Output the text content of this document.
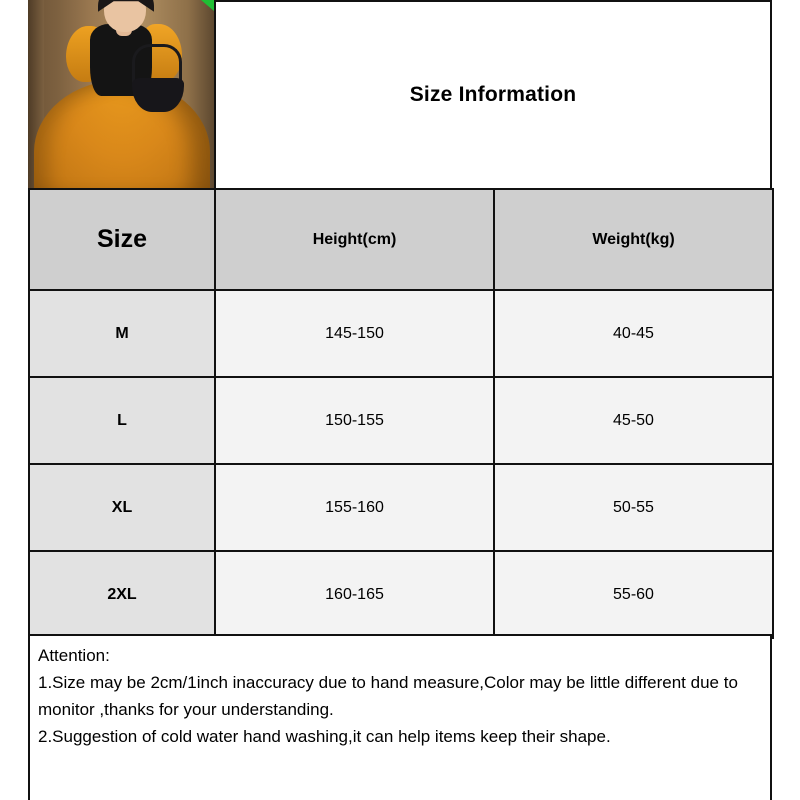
Size Information
Size	Height(cm)	Weight(kg)
M	145-150	40-45
L	150-155	45-50
XL	155-160	50-55
2XL	160-165	55-60
Attention:
1.Size may be 2cm/1inch inaccuracy due to hand measure,Color may be little different due to monitor ,thanks for your understanding.
2.Suggestion of cold water hand washing,it can help items keep their shape.
